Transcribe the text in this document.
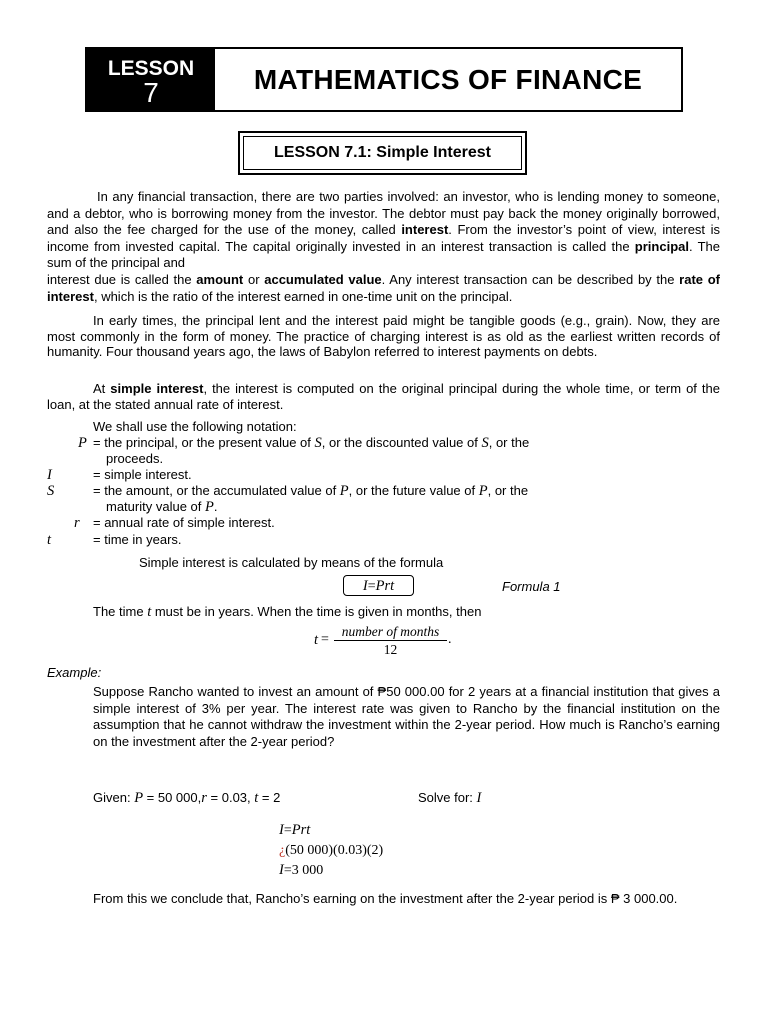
LESSON
7	MATHEMATICS OF FINANCE
LESSON 7.1: Simple Interest
In any financial transaction, there are two parties involved: an investor, who is lending money to someone, and a debtor, who is borrowing money from the investor. The debtor must pay back the money originally borrowed, and also the fee charged for the use of the money, called interest. From the investor’s point of view, interest is income from invested capital. The capital originally invested in an interest transaction is called the principal. The sum of the principal and
interest due is called the amount or accumulated value. Any interest transaction can be described by the rate of interest, which is the ratio of the interest earned in one-time unit on the principal.
In early times, the principal lent and the interest paid might be tangible goods (e.g., grain). Now, they are most commonly in the form of money. The practice of charging interest is as old as the earliest written records of humanity. Four thousand years ago, the laws of Babylon referred to interest payments on debts.
At simple interest, the interest is computed on the original principal during the whole time, or term of the loan, at the stated annual rate of interest.
We shall use the following notation:
P = the principal, or the present value of S, or the discounted value of S, or the
proceeds.
I	= simple interest.
S	= the amount, or the accumulated value of P, or the future value of P, or the
maturity value of P.
r = annual rate of simple interest.
t	= time in years.
Simple interest is calculated by means of the formula
I=Prt	Formula 1
The time t must be in years. When the time is given in months, then
t =
number of months
12
.
Example:
Suppose Rancho wanted to invest an amount of ₱50 000.00 for 2 years at a financial institution that gives a simple interest of 3% per year. The interest rate was given to Rancho by the financial institution on the assumption that he cannot withdraw the investment within the 2-year period. How much is Rancho’s earning on the investment after the 2-year period?
Given: P = 50 000,r = 0.03, t = 2	Solve for: I
I=Prt
¿(50 000)(0.03)(2)
I=3 000
From this we conclude that, Rancho’s earning on the investment after the 2-year period is ₱ 3 000.00.
